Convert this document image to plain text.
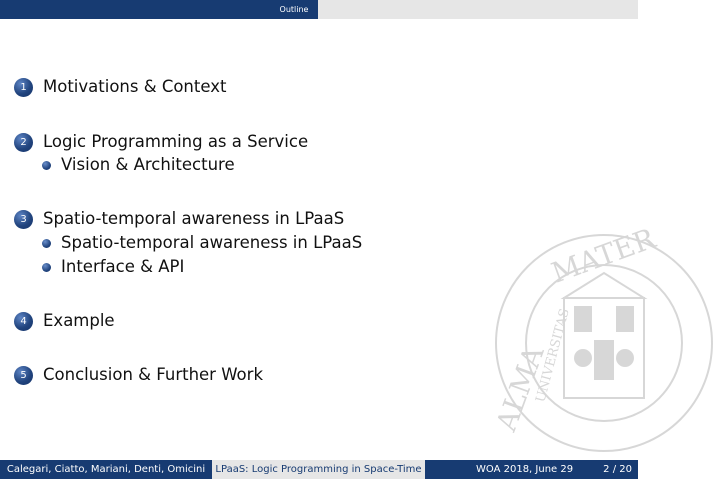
Outline
ALMA
MATER
UNIVERSITAS
1 Motivations & Context
2 Logic Programming as a Service
Vision & Architecture
3 Spatio-temporal awareness in LPaaS
Spatio-temporal awareness in LPaaS
Interface & API
4 Example
5 Conclusion & Further Work
Calegari, Ciatto, Mariani, Denti, Omicini	LPaaS: Logic Programming in Space-Time	WOA 2018, June 29	2 / 20
